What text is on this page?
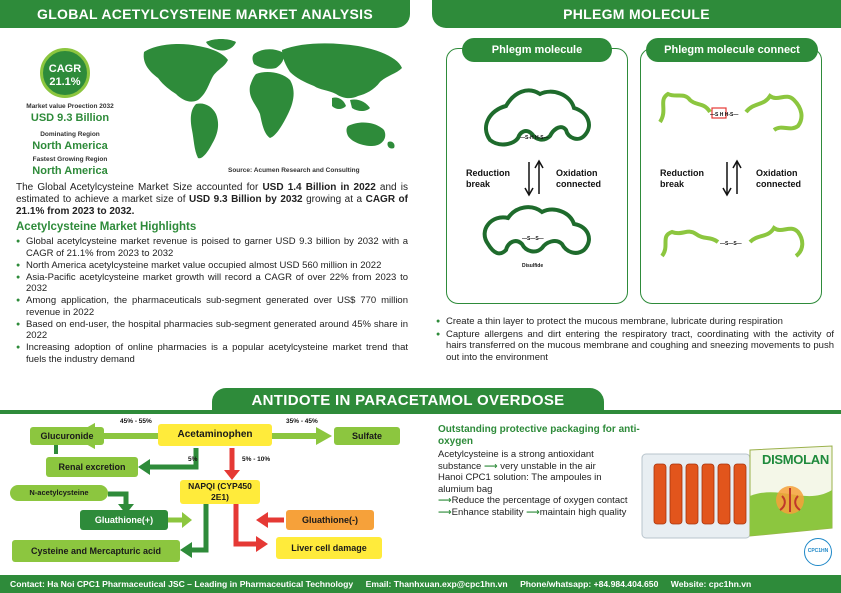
GLOBAL ACETYLCYSTEINE MARKET ANALYSIS	PHLEGM MOLECULE
CAGR
21.1%
Market value Proection 2032
USD 9.3 Billion
Dominating Region
North America
Fastest Growing Region
North America	Source: Acumen Research and Consulting
The Global Acetylcysteine Market Size accounted for USD 1.4 Billion in 2022 and is estimated to achieve a market size of USD 9.3 Billion by 2032 growing at a CAGR of 21.1% from 2023 to 2032.
Acetylcysteine Market Highlights
● Global acetylcysteine market revenue is poised to garner USD 9.3 billion by 2032 with a CAGR of 21.1% from 2023 to 2032
● North America acetylcysteine market value occupied almost USD 560 million in 2022
● Asia-Pacific acetylcysteine market growth will record a CAGR of over 22% from 2023 to 2032
● Among application, the pharmaceuticals sub-segment generated over US$ 770 million revenue in 2022
● Based on end-user, the hospital pharmacies sub-segment generated around 45% share in 2022
● Increasing adoption of online pharmacies is a popular acetylcysteine market trend that fuels the industry demand
Phlegm molecule	Phlegm molecule connect
—S-H H-S—
Reduction break
Oxidation connected
—S—S—
Disulfide
—S H H-S—
Reduction break
Oxidation connected
—S—S—
● Create a thin layer to protect the mucous membrane, lubricate during respiration
● Capture allergens and dirt entering the respiratory tract, coordinating with the activity of hairs transferred on the mucous membrane and coughing and sneezing movements to push out into the environment
ANTIDOTE IN PARACETAMOL OVERDOSE
Acetaminophen
Glucuronide	Sulfate
Renal excretion
NAPQI (CYP450 2E1)
N-acetylcysteine
Gluathione(+)	Gluathione(-)
Cysteine and Mercapturic acid	Liver cell damage
45% - 55%	35% - 45%
5%	5% - 10%
Outstanding protective packaging for anti-oxygen
Acetylcysteine is a strong antioxidant substance ⟶ very unstable in the air
Hanoi CPC1 solution: The ampoules in alumium bag
⟶Reduce the percentage of oxygen contact
⟶Enhance stability ⟶maintain high quality
DISMOLAN
CPC1HN
Contact: Ha Noi CPC1 Pharmaceutical JSC – Leading in Pharmaceutical Technology Email: Thanhxuan.exp@cpc1hn.vn Phone/whatsapp: +84.984.404.650 Website: cpc1hn.vn
